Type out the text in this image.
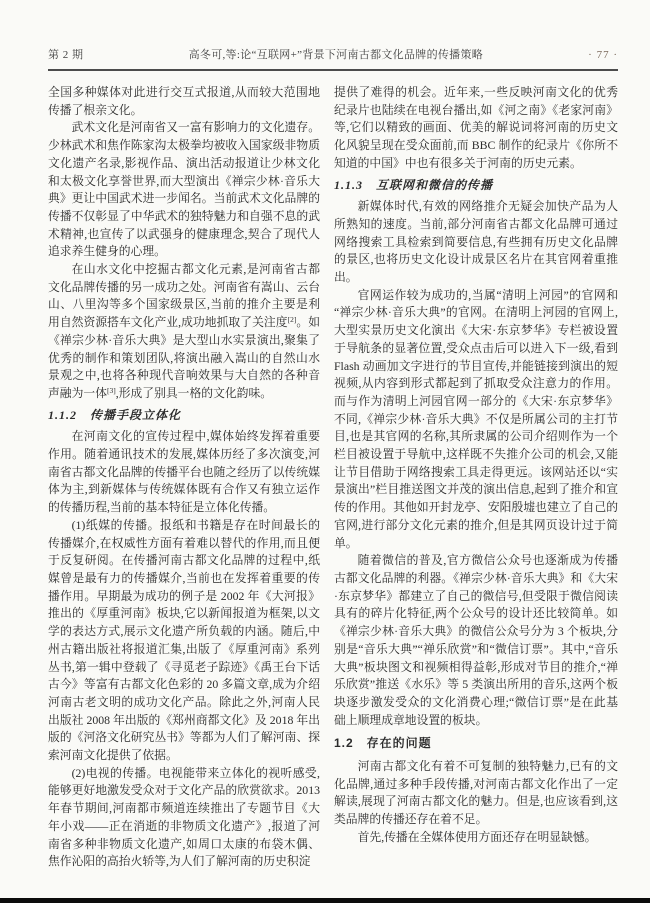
第 2 期	高冬可,等:论“互联网+”背景下河南古都文化品牌的传播策略	· 77 ·
全国多种媒体对此进行交互式报道,从而较大范围地传播了根亲文化。
武术文化是河南省又一富有影响力的文化遗存。少林武术和焦作陈家沟太极拳均被收入国家级非物质文化遗产名录,影视作品、演出活动报道让少林文化和太极文化享誉世界,而大型演出《禅宗少林·音乐大典》更让中国武术进一步闻名。当前武术文化品牌的传播不仅彰显了中华武术的独特魅力和自强不息的武术精神,也宣传了以武强身的健康理念,契合了现代人追求养生健身的心理。
在山水文化中挖掘古都文化元素,是河南省古都文化品牌传播的另一成功之处。河南省有嵩山、云台山、八里沟等多个国家级景区,当前的推介主要是利用自然资源搭车文化产业,成功地抓取了关注度[2]。如《禅宗少林·音乐大典》是大型山水实景演出,聚集了优秀的制作和策划团队,将演出融入嵩山的自然山水景观之中,也将各种现代音响效果与大自然的各种音声融为一体[3],形成了别具一格的文化韵味。
1.1.2　传播手段立体化
在河南文化的宣传过程中,媒体始终发挥着重要作用。随着通讯技术的发展,媒体历经了多次演变,河南省古都文化品牌的传播平台也随之经历了以传统媒体为主,到新媒体与传统媒体既有合作又有独立运作的传播历程,当前的基本特征是立体化传播。
(1)纸媒的传播。报纸和书籍是存在时间最长的传播媒介,在权威性方面有着难以替代的作用,而且便于反复研阅。在传播河南古都文化品牌的过程中,纸媒曾是最有力的传播媒介,当前也在发挥着重要的传播作用。早期最为成功的例子是 2002 年《大河报》推出的《厚重河南》板块,它以新闻报道为框架,以文学的表达方式,展示文化遗产所负载的内涵。随后,中州古籍出版社将报道汇集,出版了《厚重河南》系列丛书,第一辑中登载了《寻觅老子踪迹》《禹王台下话古今》等富有古都文化色彩的 20 多篇文章,成为介绍河南古老文明的成功文化产品。除此之外,河南人民出版社 2008 年出版的《郑州商都文化》及 2018 年出版的《河洛文化研究丛书》等都为人们了解河南、探索河南文化提供了依据。
(2)电视的传播。电视能带来立体化的视听感受,能够更好地激发受众对于文化产品的欣赏欲求。2013 年春节期间,河南都市频道连续推出了专题节目《大年小戏——正在消逝的非物质文化遗产》,报道了河南省多种非物质文化遗产,如周口太康的布袋木偶、焦作沁阳的高抬火轿等,为人们了解河南的历史积淀
提供了难得的机会。近年来,一些反映河南文化的优秀纪录片也陆续在电视台播出,如《河之南》《老家河南》等,它们以精致的画面、优美的解说词将河南的历史文化风貌呈现在受众面前,而 BBC 制作的纪录片《你所不知道的中国》中也有很多关于河南的历史元素。
1.1.3　互联网和微信的传播
新媒体时代,有效的网络推介无疑会加快产品为人所熟知的速度。当前,部分河南省古都文化品牌可通过网络搜索工具检索到简要信息,有些拥有历史文化品牌的景区,也将历史文化设计成景区名片在其官网着重推出。
官网运作较为成功的,当属“清明上河园”的官网和“禅宗少林·音乐大典”的官网。在清明上河园的官网上,大型实景历史文化演出《大宋·东京梦华》专栏被设置于导航条的显著位置,受众点击后可以进入下一级,看到 Flash 动画加文字进行的节目宣传,并能链接到演出的短视频,从内容到形式都起到了抓取受众注意力的作用。而与作为清明上河园官网一部分的《大宋·东京梦华》不同,《禅宗少林·音乐大典》不仅是所属公司的主打节目,也是其官网的名称,其所隶属的公司介绍则作为一个栏目被设置于导航中,这样既不失推介公司的机会,又能让节目借助于网络搜索工具走得更远。该网站还以“实景演出”栏目推送图文并茂的演出信息,起到了推介和宣传的作用。其他如开封龙亭、安阳殷墟也建立了自己的官网,进行部分文化元素的推介,但是其网页设计过于简单。
随着微信的普及,官方微信公众号也逐渐成为传播古都文化品牌的利器。《禅宗少林·音乐大典》和《大宋·东京梦华》都建立了自己的微信号,但受限于微信阅读具有的碎片化特征,两个公众号的设计还比较简单。如《禅宗少林·音乐大典》的微信公众号分为 3 个板块,分别是“音乐大典”“禅乐欣赏”和“微信订票”。其中,“音乐大典”板块图文和视频相得益彰,形成对节目的推介,“禅乐欣赏”推送《水乐》等 5 类演出所用的音乐,这两个板块逐步激发受众的文化消费心理;“微信订票”是在此基础上顺理成章地设置的板块。
1.2　存在的问题
河南古都文化有着不可复制的独特魅力,已有的文化品牌,通过多种手段传播,对河南古都文化作出了一定解读,展现了河南古都文化的魅力。但是,也应该看到,这类品牌的传播还存在着不足。
首先,传播在全媒体使用方面还存在明显缺憾。
